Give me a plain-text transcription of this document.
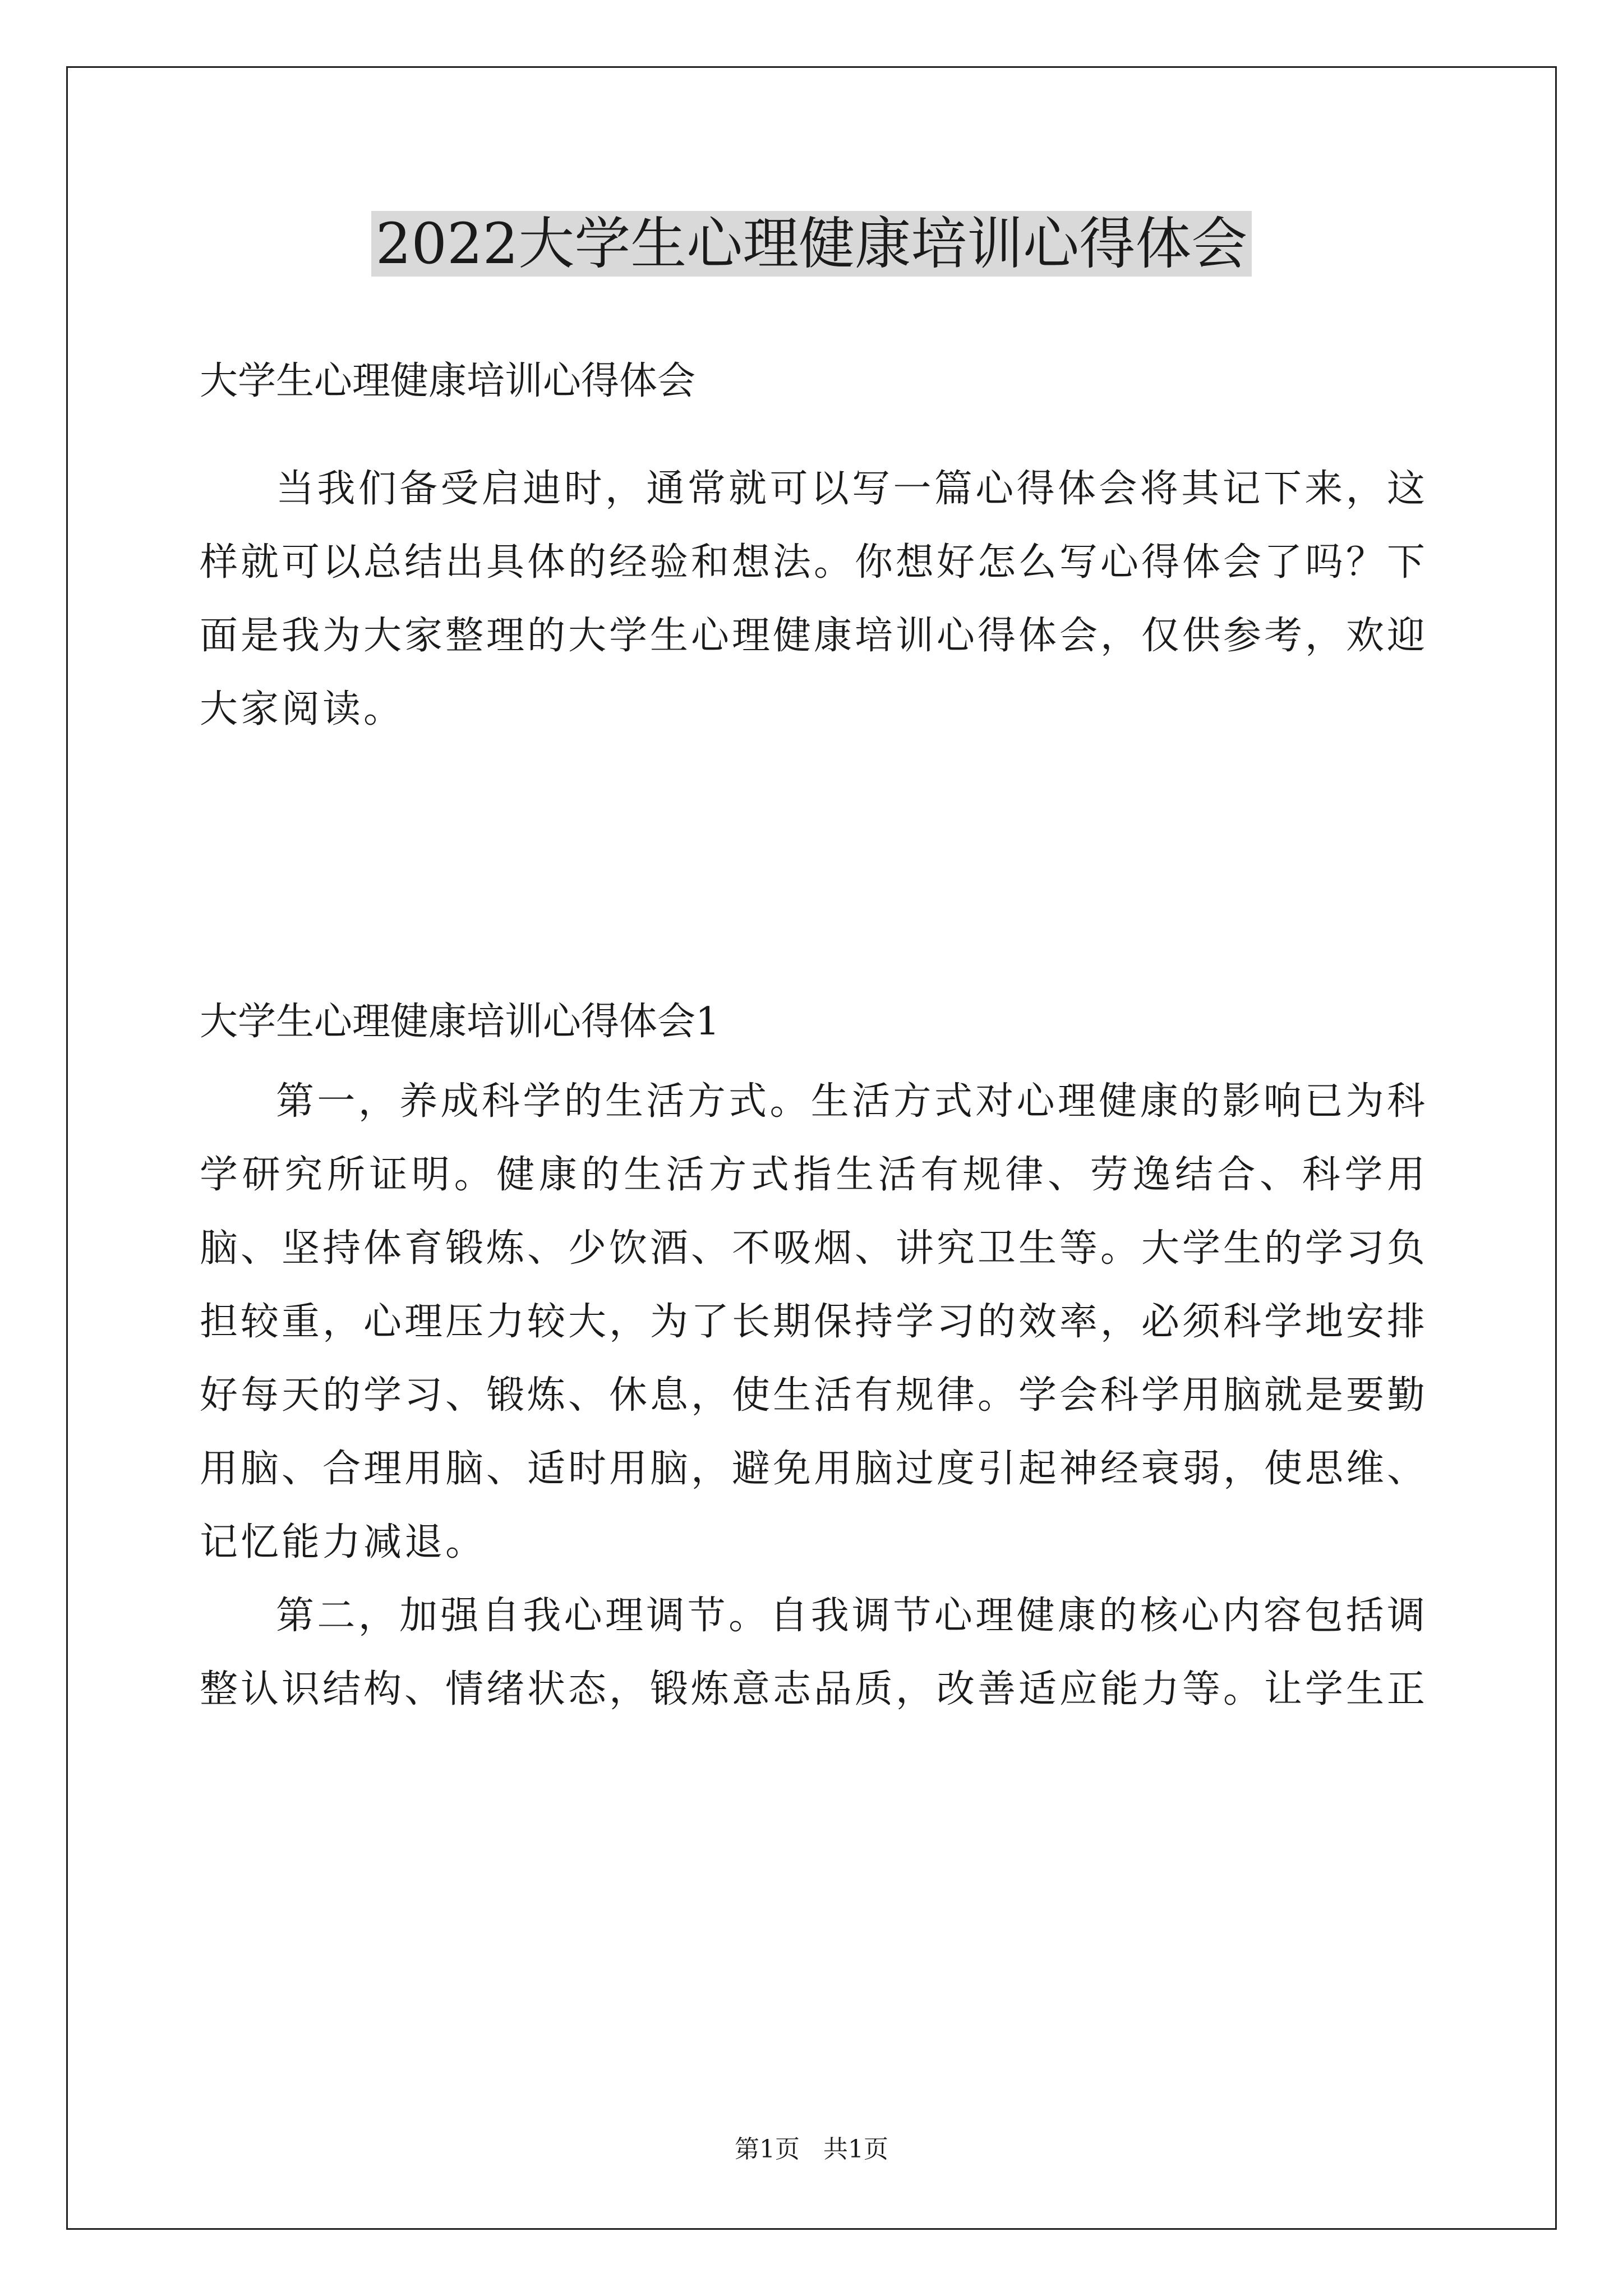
2022大学生心理健康培训心得体会
大学生心理健康培训心得体会

当我们备受启迪时，通常就可以写一篇心得体会将其记下来，这样就可以总结出具体的经验和想法。你想好怎么写心得体会了吗？下面是我为大家整理的大学生心理健康培训心得体会，仅供参考，欢迎大家阅读。

大学生心理健康培训心得体会1

第一，养成科学的生活方式。生活方式对心理健康的影响已为科学研究所证明。健康的生活方式指生活有规律、劳逸结合、科学用脑、坚持体育锻炼、少饮酒、不吸烟、讲究卫生等。大学生的学习负担较重，心理压力较大，为了长期保持学习的效率，必须科学地安排好每天的学习、锻炼、休息，使生活有规律。学会科学用脑就是要勤用脑、合理用脑、适时用脑，避免用脑过度引起神经衰弱，使思维、记忆能力减退。

第二，加强自我心理调节。自我调节心理健康的核心内容包括调整认识结构、情绪状态，锻炼意志品质，改善适应能力等。让学生正

第1页   共1页
